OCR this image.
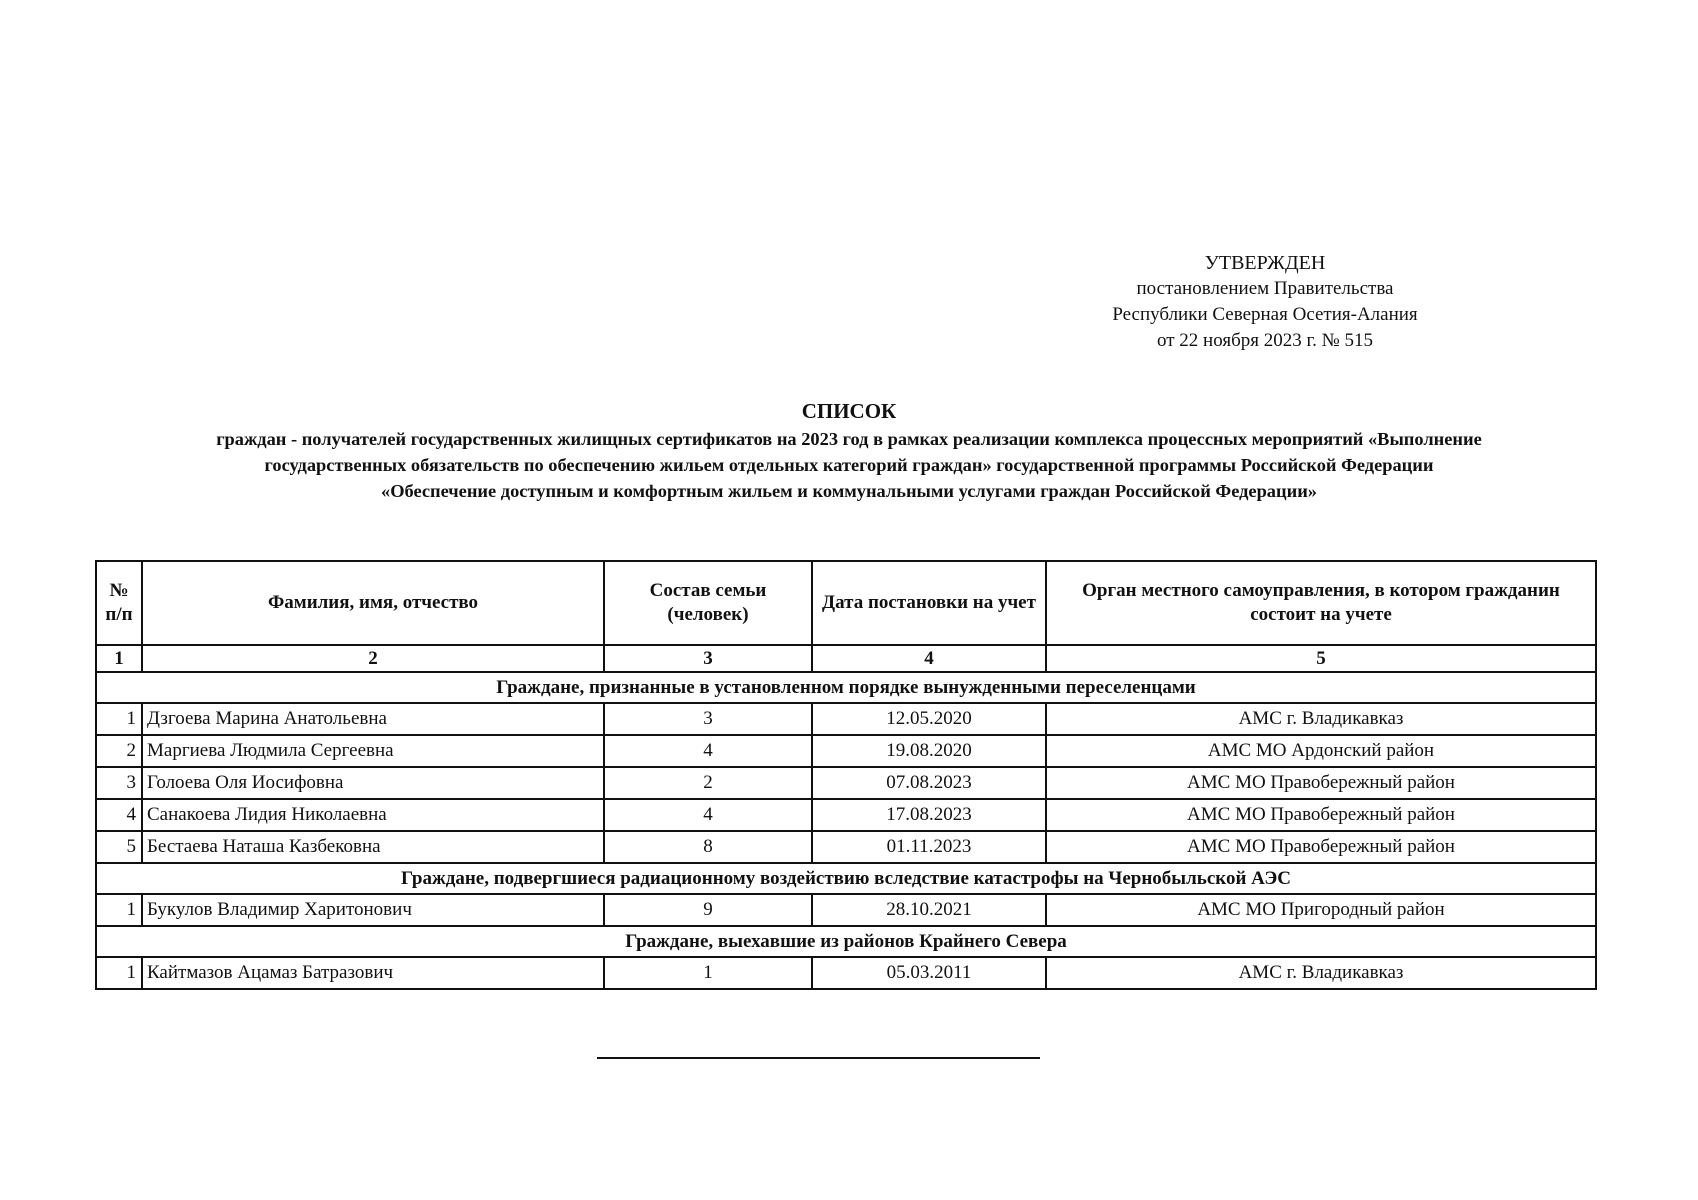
УТВЕРЖДЕН
постановлением Правительства
Республики Северная Осетия-Алания
от 22 ноября 2023 г. № 515
СПИСОК
граждан - получателей государственных жилищных сертификатов на 2023 год в рамках реализации комплекса процессных мероприятий «Выполнение
государственных обязательств по обеспечению жильем отдельных категорий граждан» государственной программы Российской Федерации
«Обеспечение доступным и комфортным жильем и коммунальными услугами граждан Российской Федерации»
№ п/п	Фамилия, имя, отчество	Состав семьи (человек)	Дата постановки на учет	Орган местного самоуправления, в котором гражданин состоит на учете
1	2	3	4	5
Граждане, признанные в установленном порядке вынужденными переселенцами				
1	Дзгоева Марина Анатольевна	3	12.05.2020	АМС г. Владикавказ
2	Маргиева Людмила Сергеевна	4	19.08.2020	АМС МО Ардонский район
3	Голоева Оля Иосифовна	2	07.08.2023	АМС МО Правобережный район
4	Санакоева Лидия Николаевна	4	17.08.2023	АМС МО Правобережный район
5	Бестаева Наташа Казбековна	8	01.11.2023	АМС МО Правобережный район
Граждане, подвергшиеся радиационному воздействию вследствие катастрофы на Чернобыльской АЭС				
1	Букулов Владимир Харитонович	9	28.10.2021	АМС МО Пригородный район
Граждане, выехавшие из районов Крайнего Севера				
1	Кайтмазов Ацамаз Батразович	1	05.03.2011	АМС г. Владикавказ
